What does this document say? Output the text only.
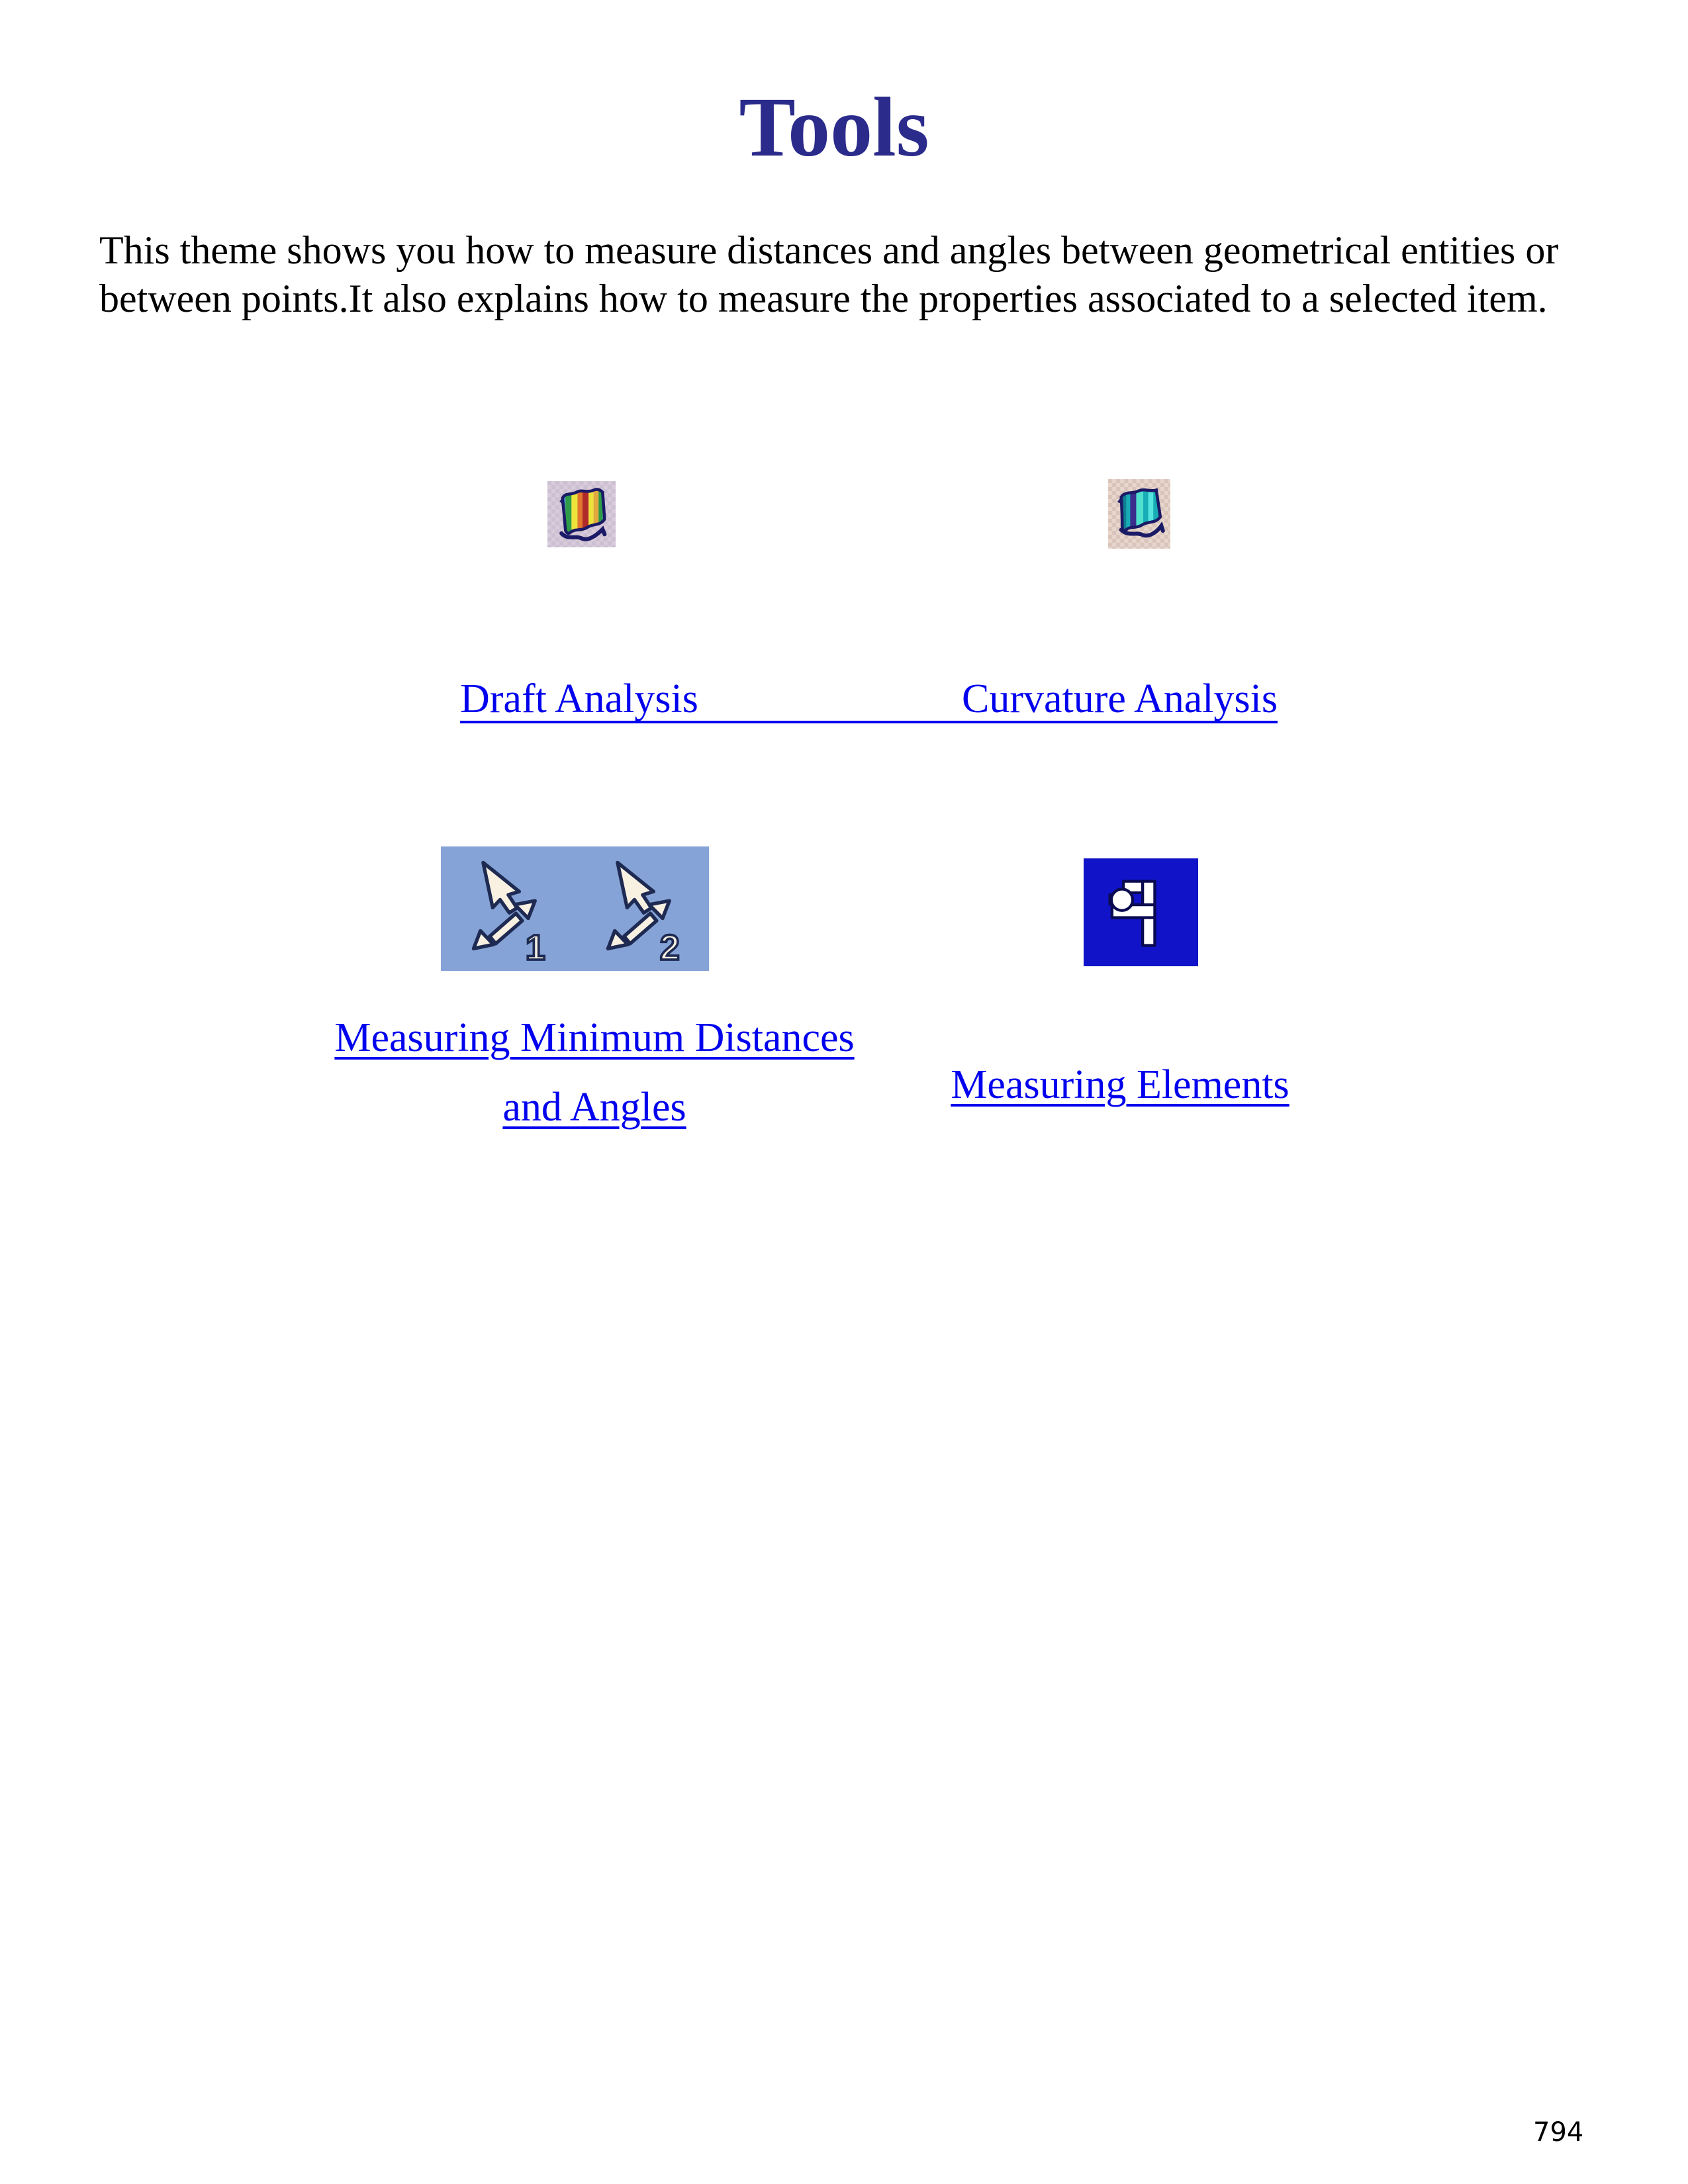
Tools

This theme shows you how to measure distances and angles between geometrical entities or
between points.It also explains how to measure the properties associated to a selected item.

Draft Analysis	Curvature Analysis
1	2
Measuring Minimum Distances
and Angles	Measuring Elements
794
